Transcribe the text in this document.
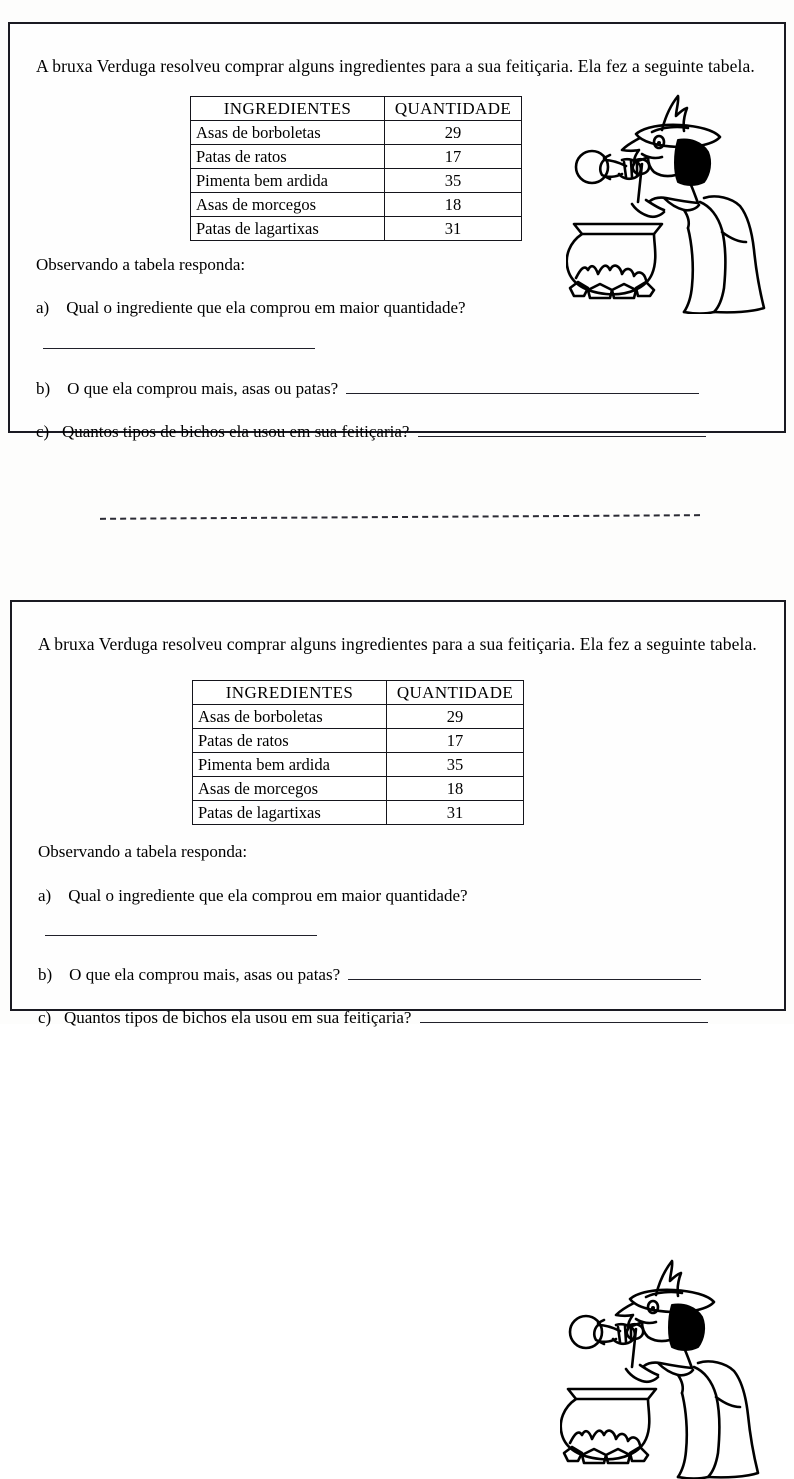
A bruxa Verduga resolveu comprar alguns ingredientes para a sua feitiçaria. Ela fez a seguinte tabela.

INGREDIENTES	QUANTIDADE
Asas de borboletas	29
Patas de ratos	17
Pimenta bem ardida	35
Asas de morcegos	18
Patas de lagartixas	31
Observando a tabela responda:
a) Qual o ingrediente que ela comprou em maior quantidade?
b) O que ela comprou mais, asas ou patas?
c) Quantos tipos de bichos ela usou em sua feitiçaria?

A bruxa Verduga resolveu comprar alguns ingredientes para a sua feitiçaria. Ela fez a seguinte tabela.

INGREDIENTES	QUANTIDADE
Asas de borboletas	29
Patas de ratos	17
Pimenta bem ardida	35
Asas de morcegos	18
Patas de lagartixas	31
Observando a tabela responda:
a) Qual o ingrediente que ela comprou em maior quantidade?
b) O que ela comprou mais, asas ou patas?
c) Quantos tipos de bichos ela usou em sua feitiçaria?
